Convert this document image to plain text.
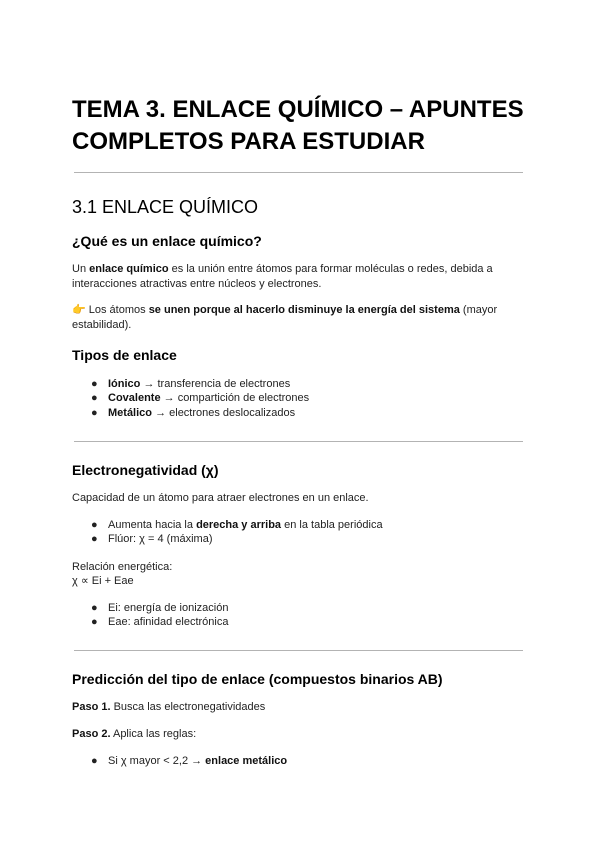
TEMA 3. ENLACE QUÍMICO – APUNTES COMPLETOS PARA ESTUDIAR
3.1 ENLACE QUÍMICO
¿Qué es un enlace químico?
Un enlace químico es la unión entre átomos para formar moléculas o redes, debida a interacciones atractivas entre núcleos y electrones.
👉 Los átomos se unen porque al hacerlo disminuye la energía del sistema (mayor estabilidad).
Tipos de enlace
● Iónico → transferencia de electrones
● Covalente → compartición de electrones
● Metálico → electrones deslocalizados
Electronegatividad (χ)
Capacidad de un átomo para atraer electrones en un enlace.
● Aumenta hacia la derecha y arriba en la tabla periódica
● Flúor: χ = 4 (máxima)
Relación energética:
χ ∝ Ei + Eae
● Ei: energía de ionización
● Eae: afinidad electrónica
Predicción del tipo de enlace (compuestos binarios AB)
Paso 1. Busca las electronegatividades
Paso 2. Aplica las reglas:
● Si χ mayor < 2,2 → enlace metálico
